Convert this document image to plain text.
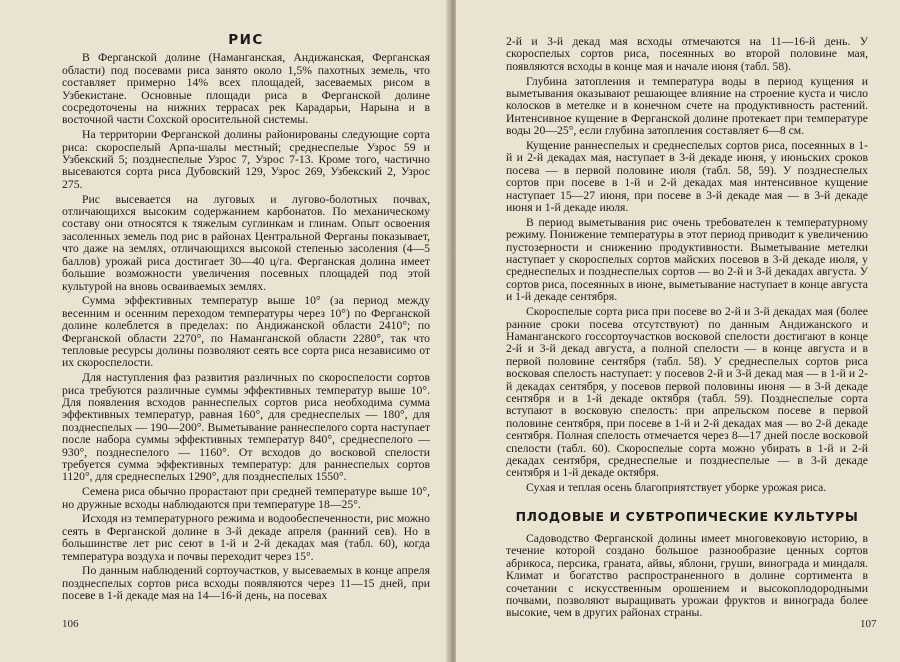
РИС

В Ферганской долине (Наманганская, Андижанская, Ферганская области) под посевами риса занято около 1,5% пахотных земель, что составляет примерно 14% всех площадей, засеваемых рисом в Узбекистане. Основные площади риса в Ферганской долине сосредоточены на нижних террасах рек Карадарьи, Нарына и в восточной части Сохской оросительной системы.

На территории Ферганской долины районированы следующие сорта риса: скороспелый Арпа-шалы местный; среднеспелые Узрос 59 и Узбекский 5; позднеспелые Узрос 7, Узрос 7-13. Кроме того, частично высеваются сорта риса Дубовский 129, Узрос 269, Узбекский 2, Узрос 275.

Рис высевается на луговых и лугово-болотных почвах, отличающихся высоким содержанием карбонатов. По механическому составу они относятся к тяжелым суглинкам и глинам. Опыт освоения засоленных земель под рис в районах Центральной Ферганы показывает, что даже на землях, отличающихся высокой степенью засоления (4—5 баллов) урожай риса достигает 30—40 ц/га. Ферганская долина имеет большие возможности увеличения посевных площадей под этой культурой на вновь осваиваемых землях.

Сумма эффективных температур выше 10° (за период между весенним и осенним переходом температуры через 10°) по Ферганской долине колеблется в пределах: по Андижанской области 2410°; по Ферганской области 2270°, по Наманганской области 2280°, так что тепловые ресурсы долины позволяют сеять все сорта риса независимо от их скороспелости.

Для наступления фаз развития различных по скороспелости сортов риса требуются различные суммы эффективных температур выше 10°. Для появления всходов раннеспелых сортов риса необходима сумма эффективных температур, равная 160°, для среднеспелых — 180°, для позднеспелых — 190—200°. Выметывание раннеспелого сорта наступает после набора суммы эффективных температур 840°, среднеспелого — 930°, позднеспелого — 1160°. От всходов до восковой спелости требуется сумма эффективных температур: для раннеспелых сортов 1120°, для среднеспелых 1290°, для позднеспелых 1550°.

Семена риса обычно прорастают при средней температуре выше 10°, но дружные всходы наблюдаются при температуре 18—25°.

Исходя из температурного режима и водообеспеченности, рис можно сеять в Ферганской долине в 3-й декаде апреля (ранний сев). Но в большинстве лет рис сеют в 1-й и 2-й декадах мая (табл. 60), когда температура воздуха и почвы переходит через 15°.

По данным наблюдений сортоучастков, у высеваемых в конце апреля позднеспелых сортов риса всходы появляются через 11—15 дней, при посеве в 1-й декаде мая на 14—16-й день, на посевах

106

2-й и 3-й декад мая всходы отмечаются на 11—16-й день. У скороспелых сортов риса, посеянных во второй половине мая, появляются всходы в конце мая и начале июня (табл. 58).

Глубина затопления и температура воды в период кущения и выметывания оказывают решающее влияние на строение куста и число колосков в метелке и в конечном счете на продуктивность растений. Интенсивное кущение в Ферганской долине протекает при температуре воды 20—25°, если глубина затопления составляет 6—8 см.

Кущение раннеспелых и среднеспелых сортов риса, посеянных в 1-й и 2-й декадах мая, наступает в 3-й декаде июня, у июньских сроков посева — в первой половине июля (табл. 58, 59). У позднеспелых сортов при посеве в 1-й и 2-й декадах мая интенсивное кущение наступает 15—27 июня, при посеве в 3-й декаде мая — в 3-й декаде июня и 1-й декаде июля.

В период выметывания рис очень требователен к температурному режиму. Понижение температуры в этот период приводит к увеличению пустозерности и снижению продуктивности. Выметывание метелки наступает у скороспелых сортов майских посевов в 3-й декаде июля, у среднеспелых и позднеспелых сортов — во 2-й и 3-й декадах августа. У сортов риса, посеянных в июне, выметывание наступает в конце августа и 1-й декаде сентября.

Скороспелые сорта риса при посеве во 2-й и 3-й декадах мая (более ранние сроки посева отсутствуют) по данным Андижанского и Наманганского госсортоучастков восковой спелости достигают в конце 2-й и 3-й декад августа, а полной спелости — в конце августа и в первой половине сентября (табл. 58). У среднеспелых сортов риса восковая спелость наступает: у посевов 2-й и 3-й декад мая — в 1-й и 2-й декадах сентября, у посевов первой половины июня — в 3-й декаде сентября и в 1-й декаде октября (табл. 59). Позднеспелые сорта вступают в восковую спелость: при апрельском посеве в первой половине сентября, при посеве в 1-й и 2-й декадах мая — во 2-й декаде сентября. Полная спелость отмечается через 8—17 дней после восковой спелости (табл. 60). Скороспелые сорта можно убирать в 1-й и 2-й декадах сентября, среднеспелые и позднеспелые — в 3-й декаде сентября и 1-й декаде октября.

Сухая и теплая осень благоприятствует уборке урожая риса.

ПЛОДОВЫЕ И СУБТРОПИЧЕСКИЕ КУЛЬТУРЫ

Садоводство Ферганской долины имеет многовековую историю, в течение которой создано большое разнообразие ценных сортов абрикоса, персика, граната, айвы, яблони, груши, винограда и миндаля. Климат и богатство распространенного в долине сортимента в сочетании с искусственным орошением и высокоплодородными почвами, позволяют выращивать урожаи фруктов и винограда более высокие, чем в других районах страны.

107
